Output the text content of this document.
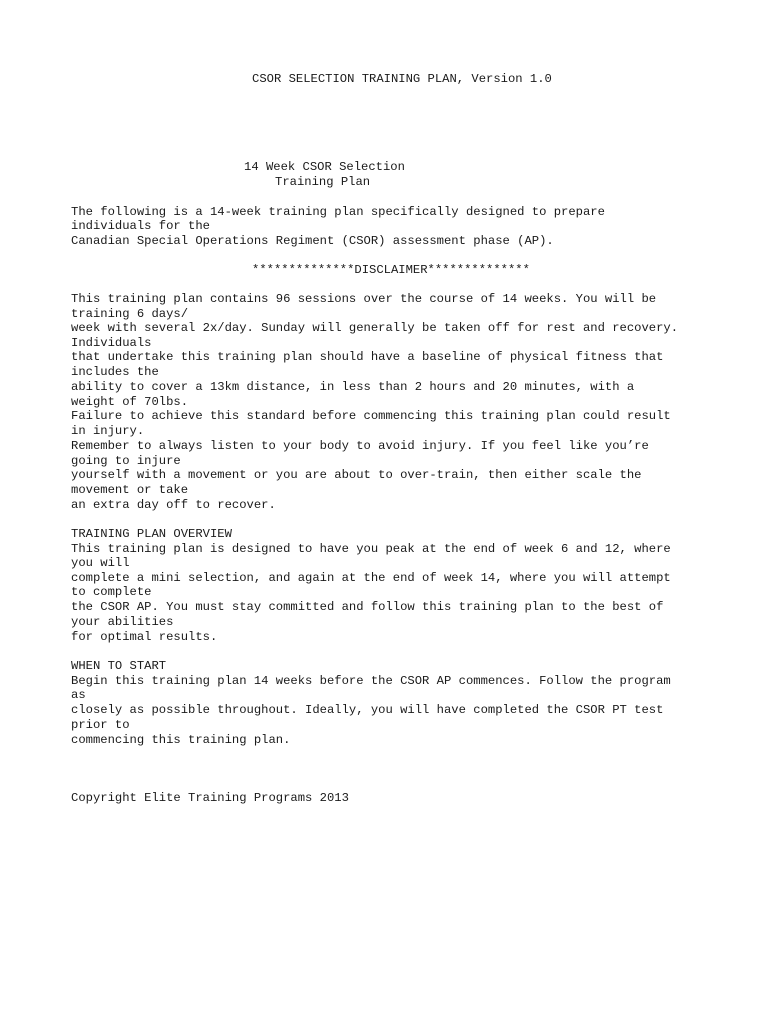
CSOR SELECTION TRAINING PLAN, Version 1.0

14 Week CSOR Selection

Training Plan

The following is a 14-week training plan specifically designed to prepare

individuals for the

Canadian Special Operations Regiment (CSOR) assessment phase (AP).

**************DISCLAIMER**************

This training plan contains 96 sessions over the course of 14 weeks. You will be

training 6 days/

week with several 2x/day. Sunday will generally be taken off for rest and recovery.

Individuals

that undertake this training plan should have a baseline of physical fitness that

includes the

ability to cover a 13km distance, in less than 2 hours and 20 minutes, with a

weight of 70lbs.

Failure to achieve this standard before commencing this training plan could result

in injury.

Remember to always listen to your body to avoid injury. If you feel like you’re

going to injure

yourself with a movement or you are about to over-train, then either scale the

movement or take

an extra day off to recover.

TRAINING PLAN OVERVIEW

This training plan is designed to have you peak at the end of week 6 and 12, where

you will

complete a mini selection, and again at the end of week 14, where you will attempt

to complete

the CSOR AP. You must stay committed and follow this training plan to the best of

your abilities

for optimal results.

WHEN TO START

Begin this training plan 14 weeks before the CSOR AP commences. Follow the program

as

closely as possible throughout. Ideally, you will have completed the CSOR PT test

prior to

commencing this training plan.

Copyright Elite Training Programs 2013
